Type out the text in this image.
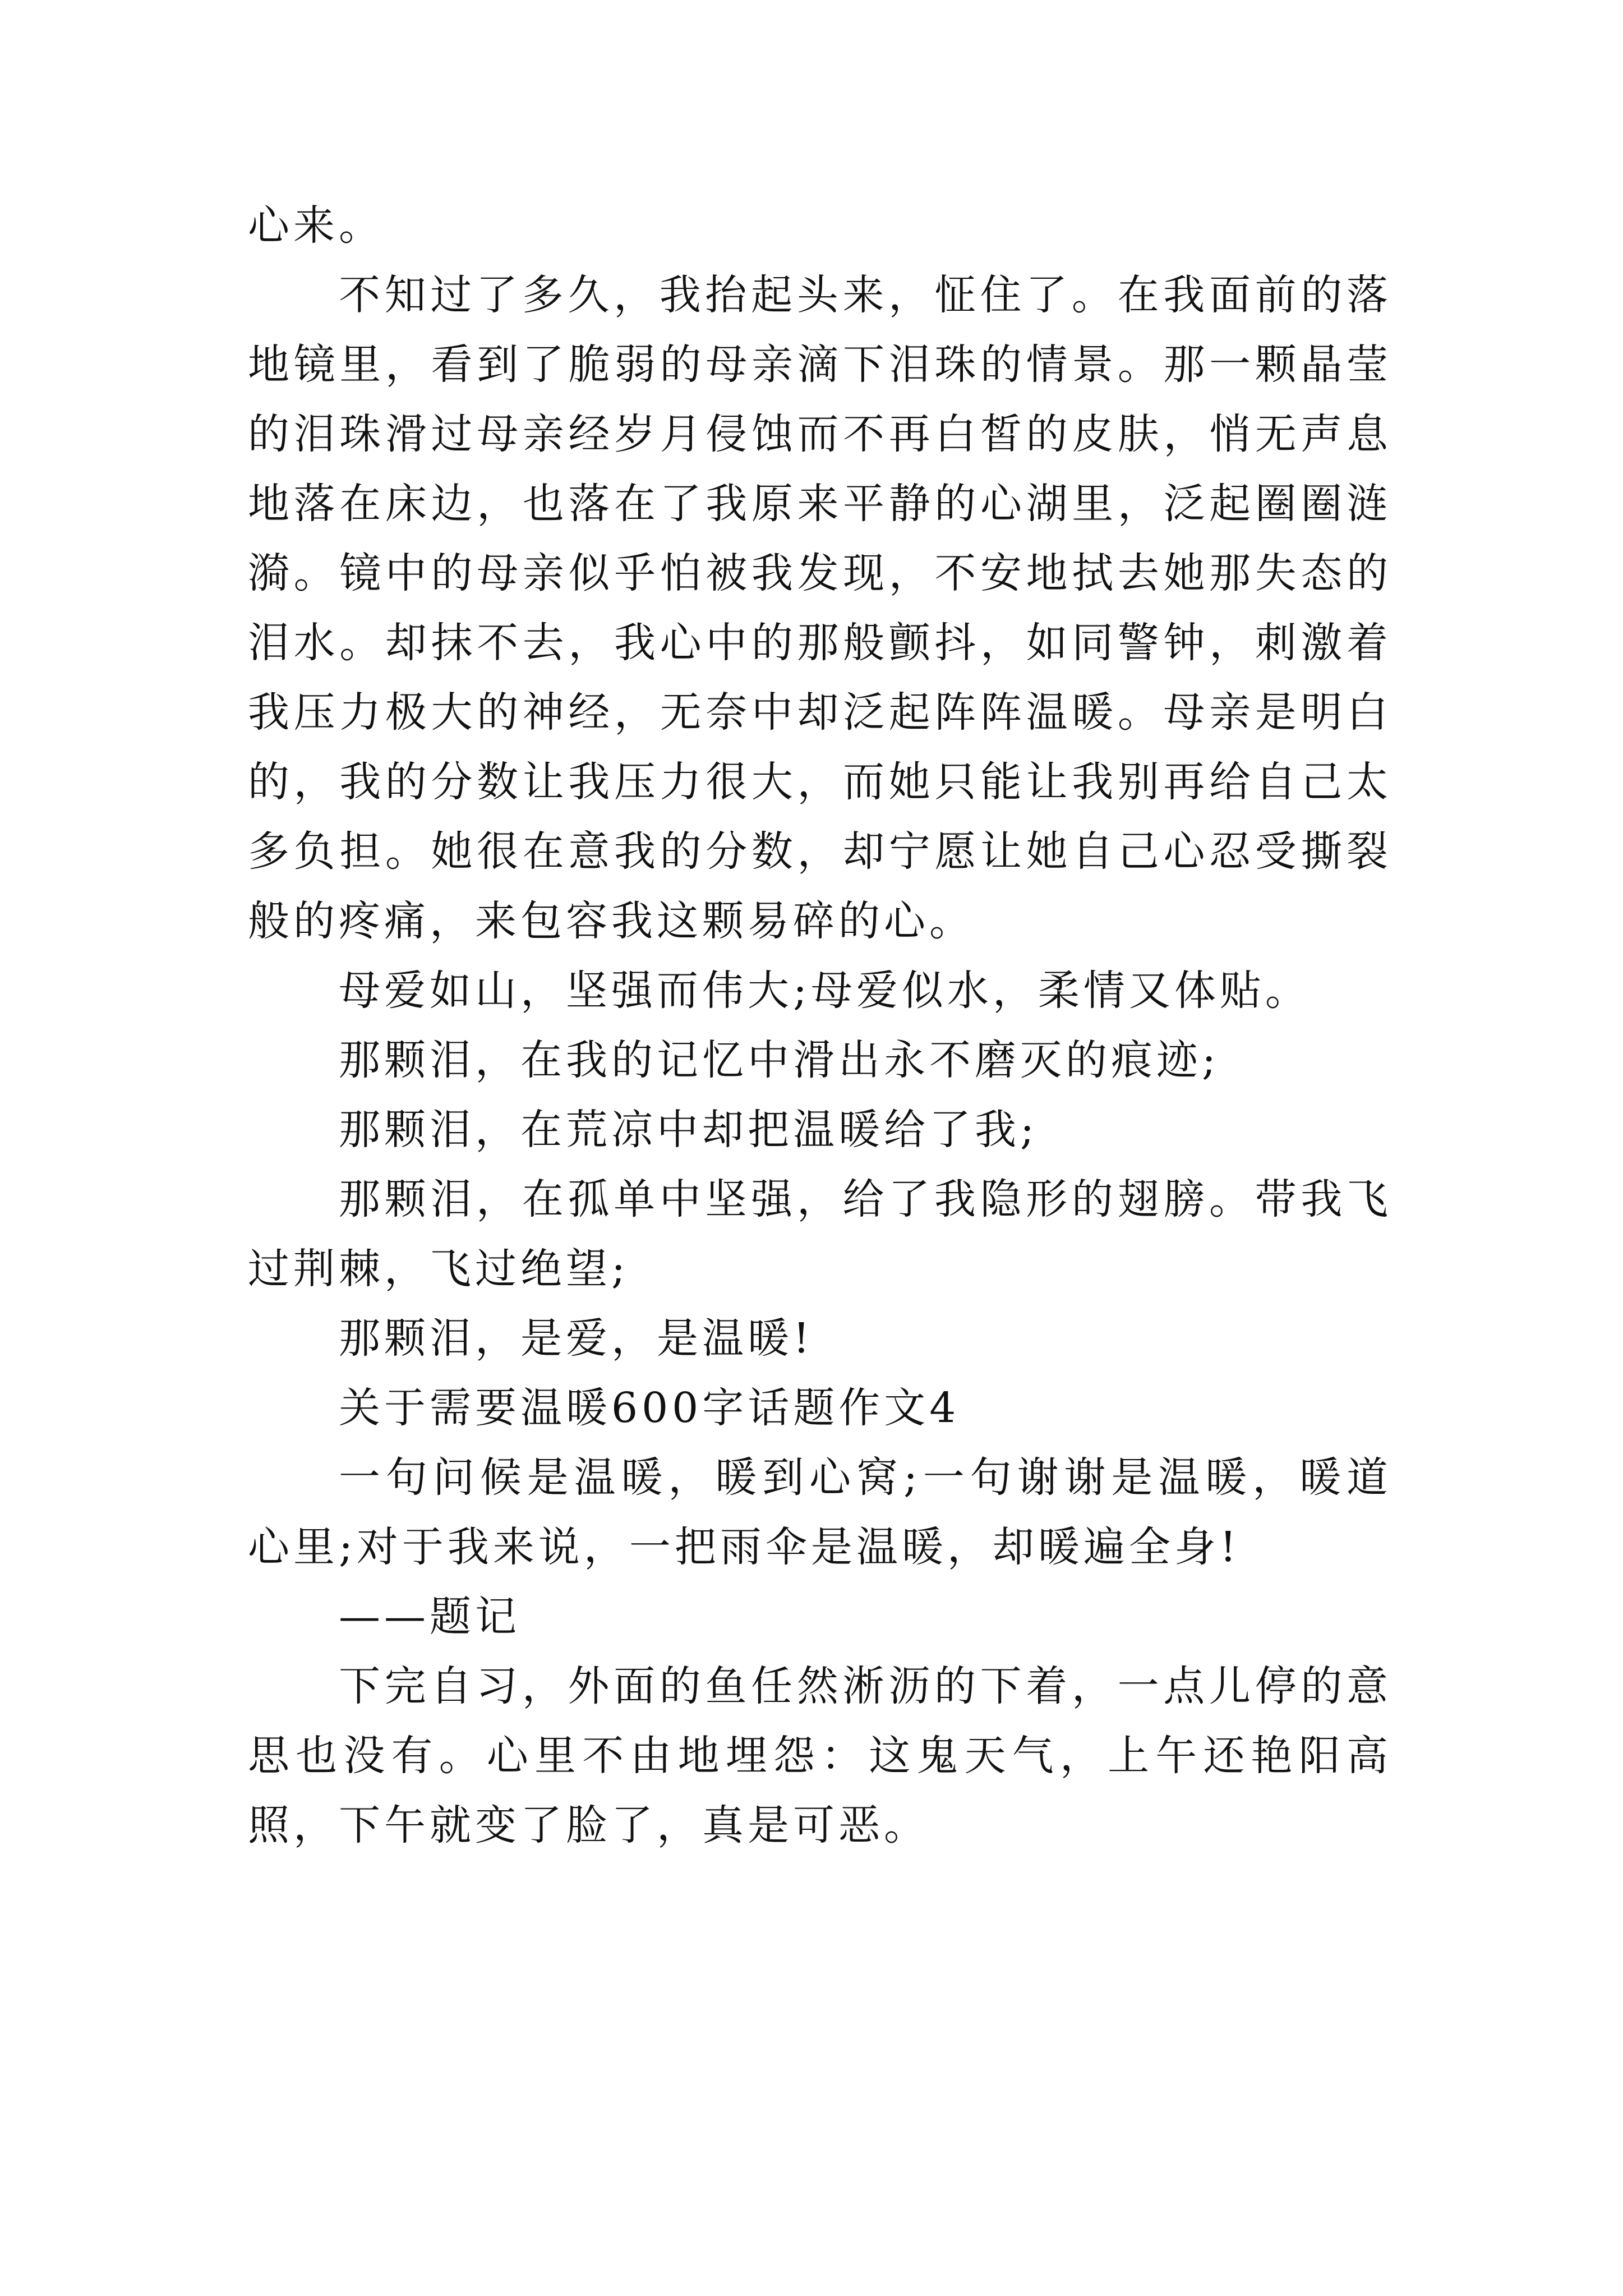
心来。

不知过了多久，我抬起头来，怔住了。在我面前的落地镜里，看到了脆弱的母亲滴下泪珠的情景。那一颗晶莹的泪珠滑过母亲经岁月侵蚀而不再白皙的皮肤，悄无声息地落在床边，也落在了我原来平静的心湖里，泛起圈圈涟漪。镜中的母亲似乎怕被我发现，不安地拭去她那失态的泪水。却抹不去，我心中的那般颤抖，如同警钟，刺激着我压力极大的神经，无奈中却泛起阵阵温暖。母亲是明白的，我的分数让我压力很大，而她只能让我别再给自己太多负担。她很在意我的分数，却宁愿让她自己心忍受撕裂般的疼痛，来包容我这颗易碎的心。

母爱如山，坚强而伟大;母爱似水，柔情又体贴。

那颗泪，在我的记忆中滑出永不磨灭的痕迹;

那颗泪，在荒凉中却把温暖给了我;

那颗泪，在孤单中坚强，给了我隐形的翅膀。带我飞过荆棘，飞过绝望;

那颗泪，是爱，是温暖!

关于需要温暖600字话题作文4

一句问候是温暖，暖到心窝;一句谢谢是温暖，暖道心里;对于我来说，一把雨伞是温暖，却暖遍全身!

——题记

下完自习，外面的鱼任然淅沥的下着，一点儿停的意思也没有。心里不由地埋怨：这鬼天气，上午还艳阳高照，下午就变了脸了，真是可恶。
